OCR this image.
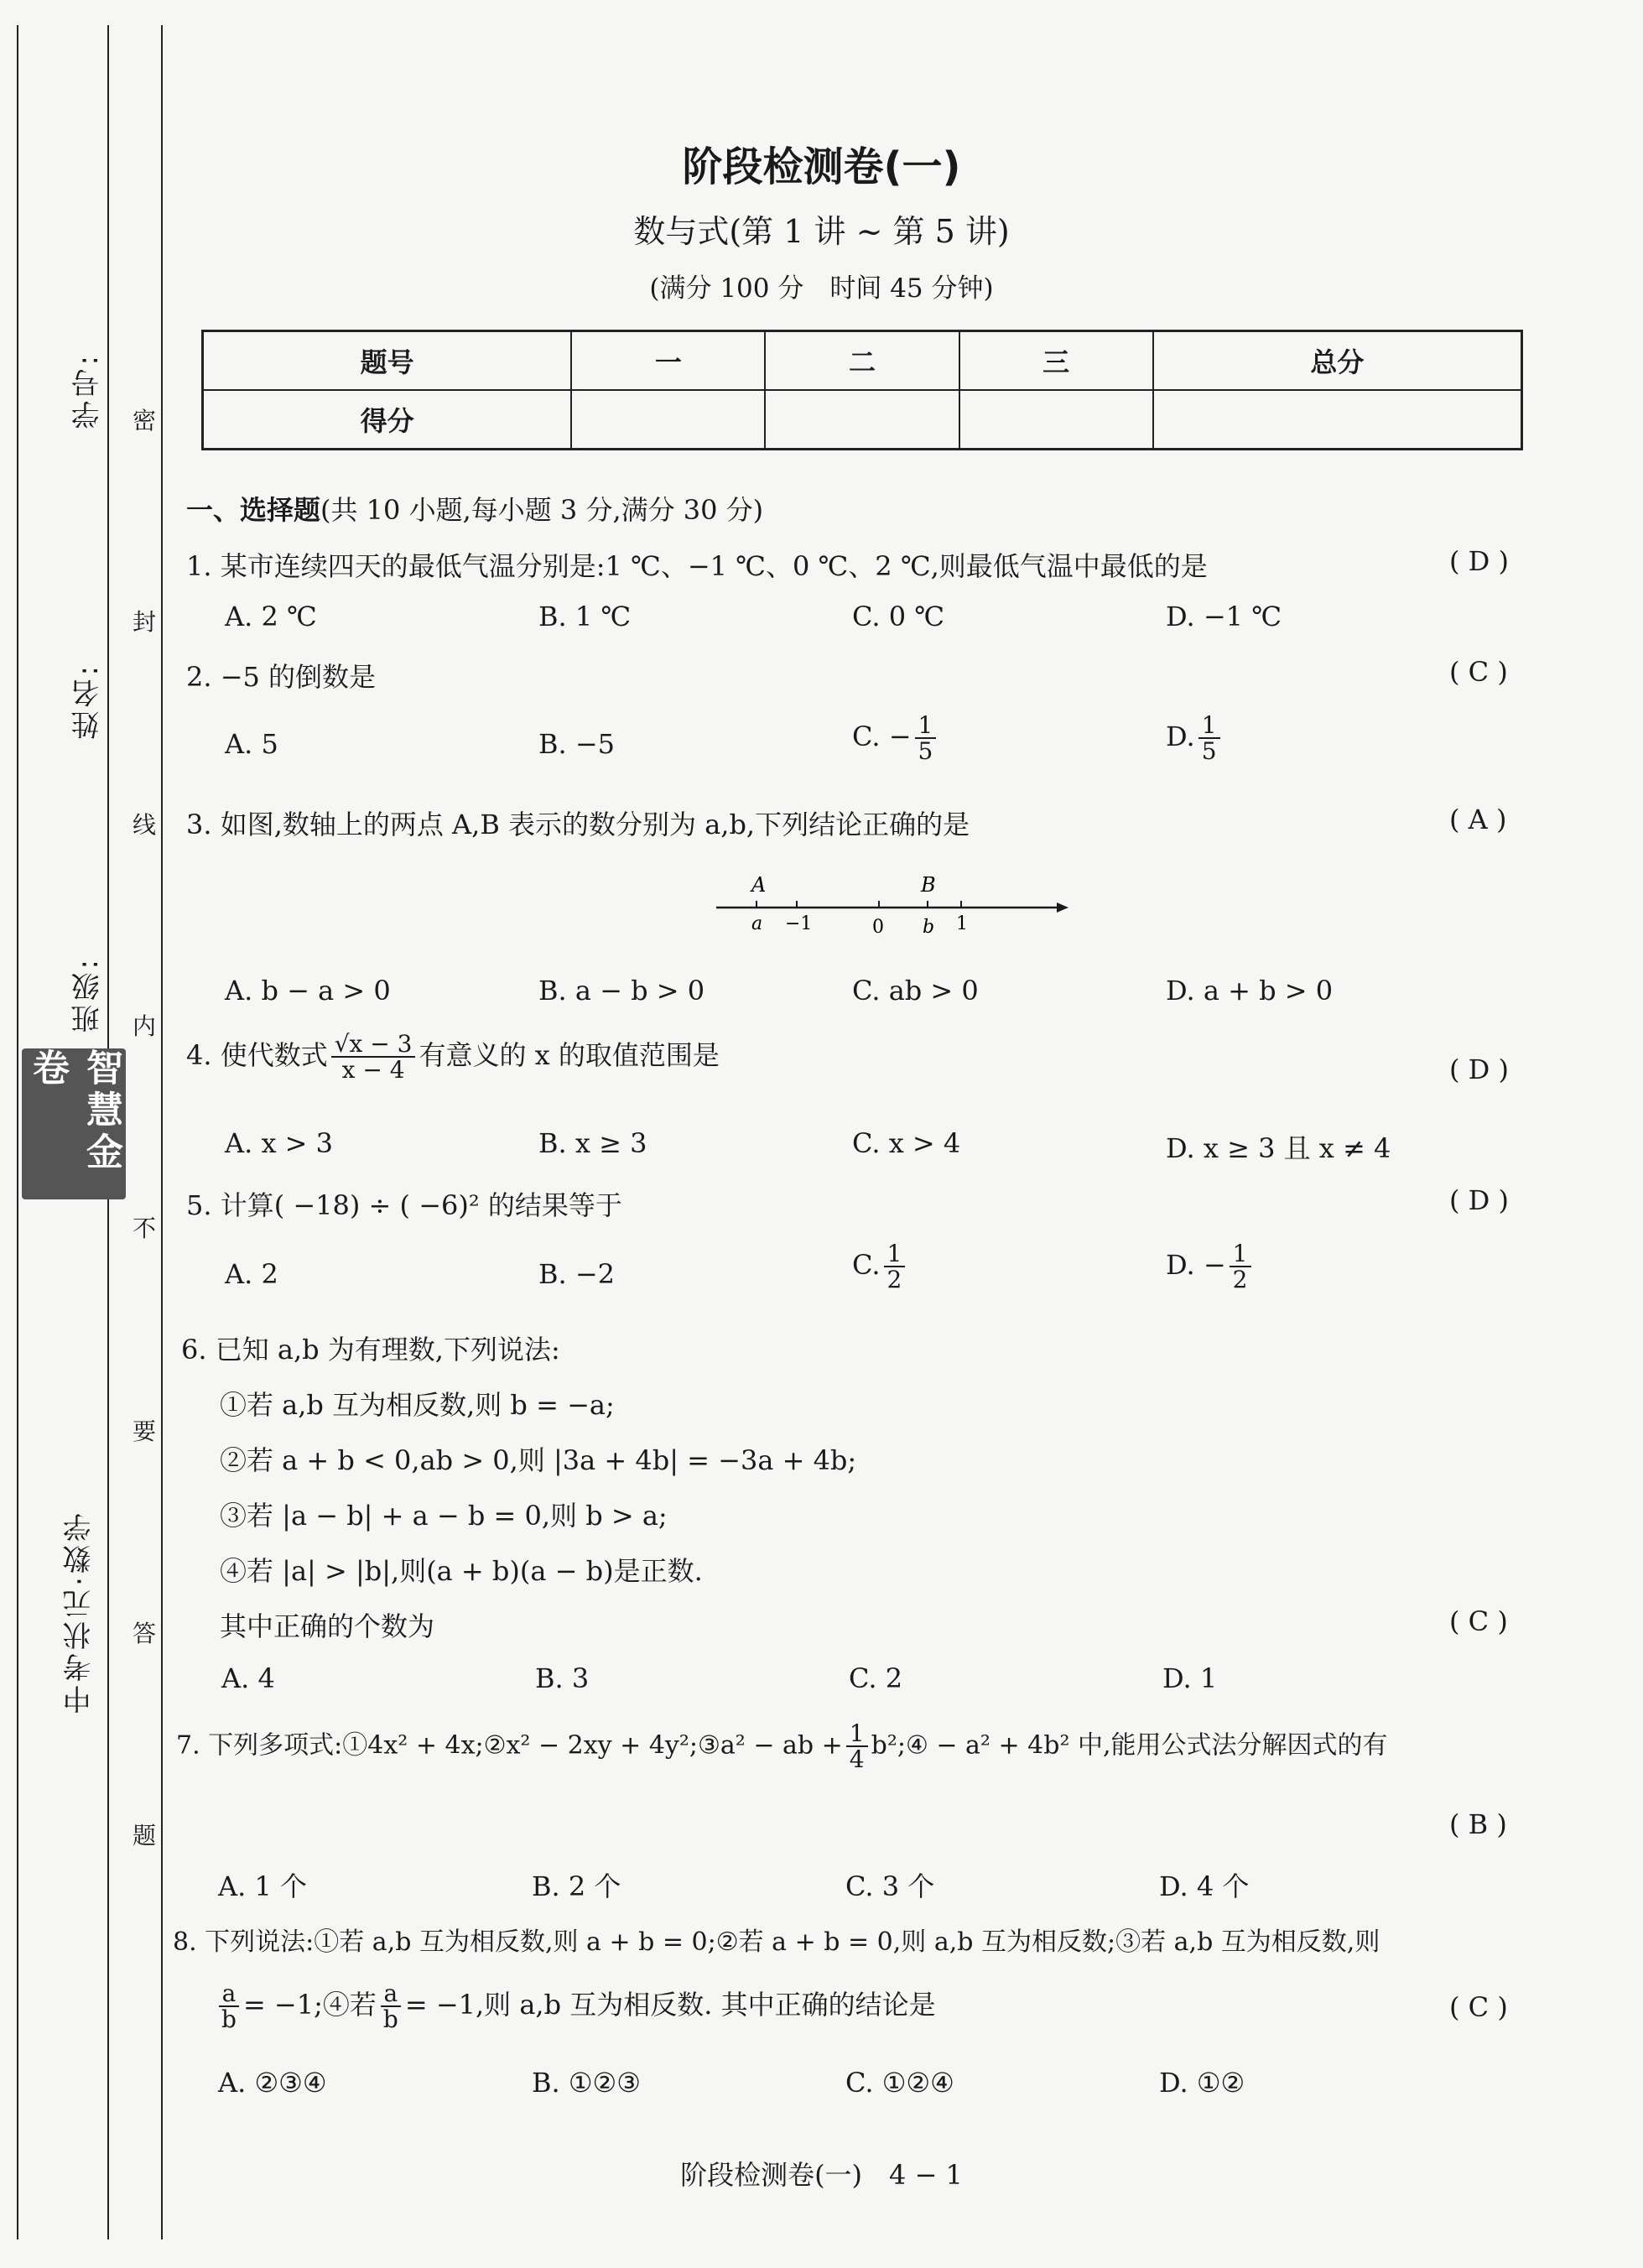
学号:
姓名:
班级:
中考状元·数学
智慧金卷
密
封
线
内
不
要
答
题
阶段检测卷(一)
数与式(第 1 讲 ~ 第 5 讲)
(满分 100 分　时间 45 分钟)
题号	一	二	三	总分
得分				
一、选择题(共 10 小题,每小题 3 分,满分 30 分)
1. 某市连续四天的最低气温分别是:1 ℃、−1 ℃、0 ℃、2 ℃,则最低气温中最低的是	( D )
A. 2 ℃	B. 1 ℃	C. 0 ℃	D. −1 ℃
2. −5 的倒数是	( C )
A. 5	B. −5	C. − $\frac{1}{5}$	D. $\frac{1}{5}$
3. 如图,数轴上的两点 A,B 表示的数分别为 a,b,下列结论正确的是	( A )
A	B
a −1	0 b 1
A. b − a > 0	B. a − b > 0	C. ab > 0	D. a + b > 0
4. 使代数式 $\frac{√x - 3}{x - 4}$ 有意义的 x 的取值范围是	( D )
A. x > 3	B. x ≥ 3	C. x > 4	D. x ≥ 3 且 x ≠ 4
5. 计算( −18) ÷ ( −6)² 的结果等于	( D )
A. 2	B. −2	C. $\frac{1}{2}$	D. − $\frac{1}{2}$
6. 已知 a,b 为有理数,下列说法:
①若 a,b 互为相反数,则 b = −a;
②若 a + b < 0,ab > 0,则 |3a + 4b| = −3a + 4b;
③若 |a − b| + a − b = 0,则 b > a;
④若 |a| > |b|,则(a + b)(a − b)是正数.
其中正确的个数为	( C )
A. 4	B. 3	C. 2	D. 1
7. 下列多项式:①4x² + 4x;②x² − 2xy + 4y²;③a² − ab + $\frac{1}{4}$ b²;④ − a² + 4b² 中,能用公式法分解因式的有
( B )
A. 1 个	B. 2 个	C. 3 个	D. 4 个
8. 下列说法:①若 a,b 互为相反数,则 a + b = 0;②若 a + b = 0,则 a,b 互为相反数;③若 a,b 互为相反数,则
$\frac{a}{b}$ = −1;④若 $\frac{a}{b} = -1$,则 a,b 互为相反数. 其中正确的结论是	( C )
A. ②③④	B. ①②③	C. ①②④	D. ①②
阶段检测卷(一)　4 − 1
